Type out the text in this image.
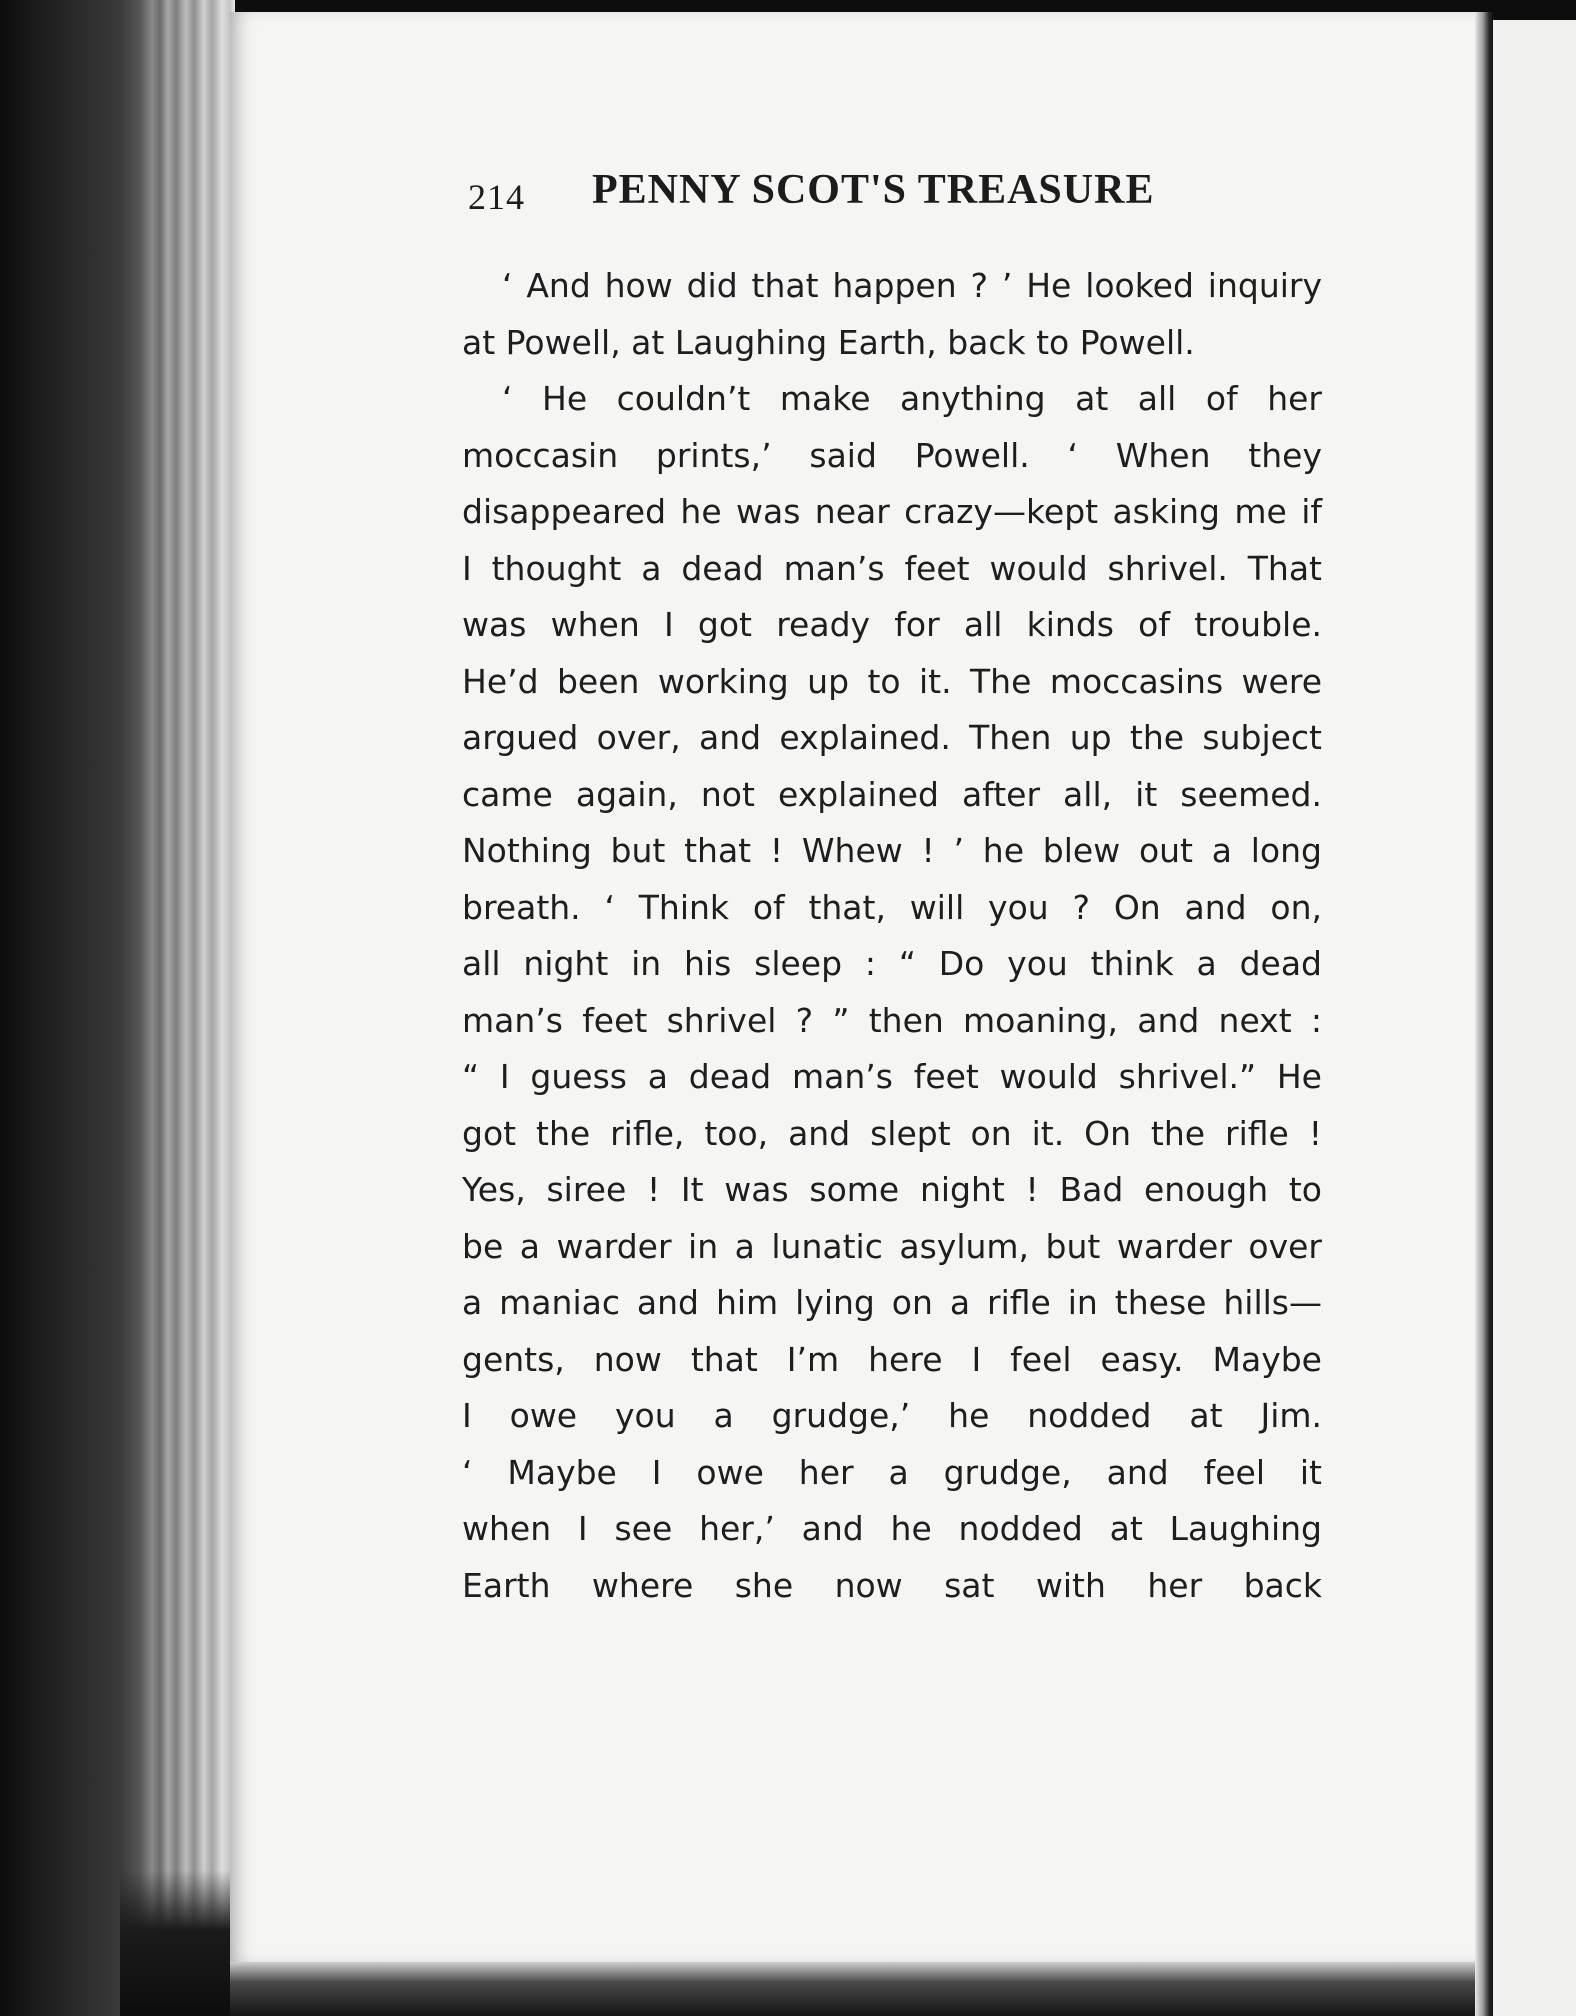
214 PENNY SCOT'S TREASURE
‘ And how did that happen ? ’ He looked inquiry
at Powell, at Laughing Earth, back to Powell.
‘ He couldn’t make anything at all of her
moccasin prints,’ said Powell. ‘ When they
disappeared he was near crazy—kept asking me if
I thought a dead man’s feet would shrivel. That
was when I got ready for all kinds of trouble.
He’d been working up to it. The moccasins were
argued over, and explained. Then up the subject
came again, not explained after all, it seemed.
Nothing but that ! Whew ! ’ he blew out a long
breath. ‘ Think of that, will you ? On and on,
all night in his sleep : “ Do you think a dead
man’s feet shrivel ? ” then moaning, and next :
“ I guess a dead man’s feet would shrivel.” He
got the rifle, too, and slept on it. On the rifle !
Yes, siree ! It was some night ! Bad enough to
be a warder in a lunatic asylum, but warder over
a maniac and him lying on a rifle in these hills—
gents, now that I’m here I feel easy. Maybe
I owe you a grudge,’ he nodded at Jim.
‘ Maybe I owe her a grudge, and feel it
when I see her,’ and he nodded at Laughing
Earth where she now sat with her back
